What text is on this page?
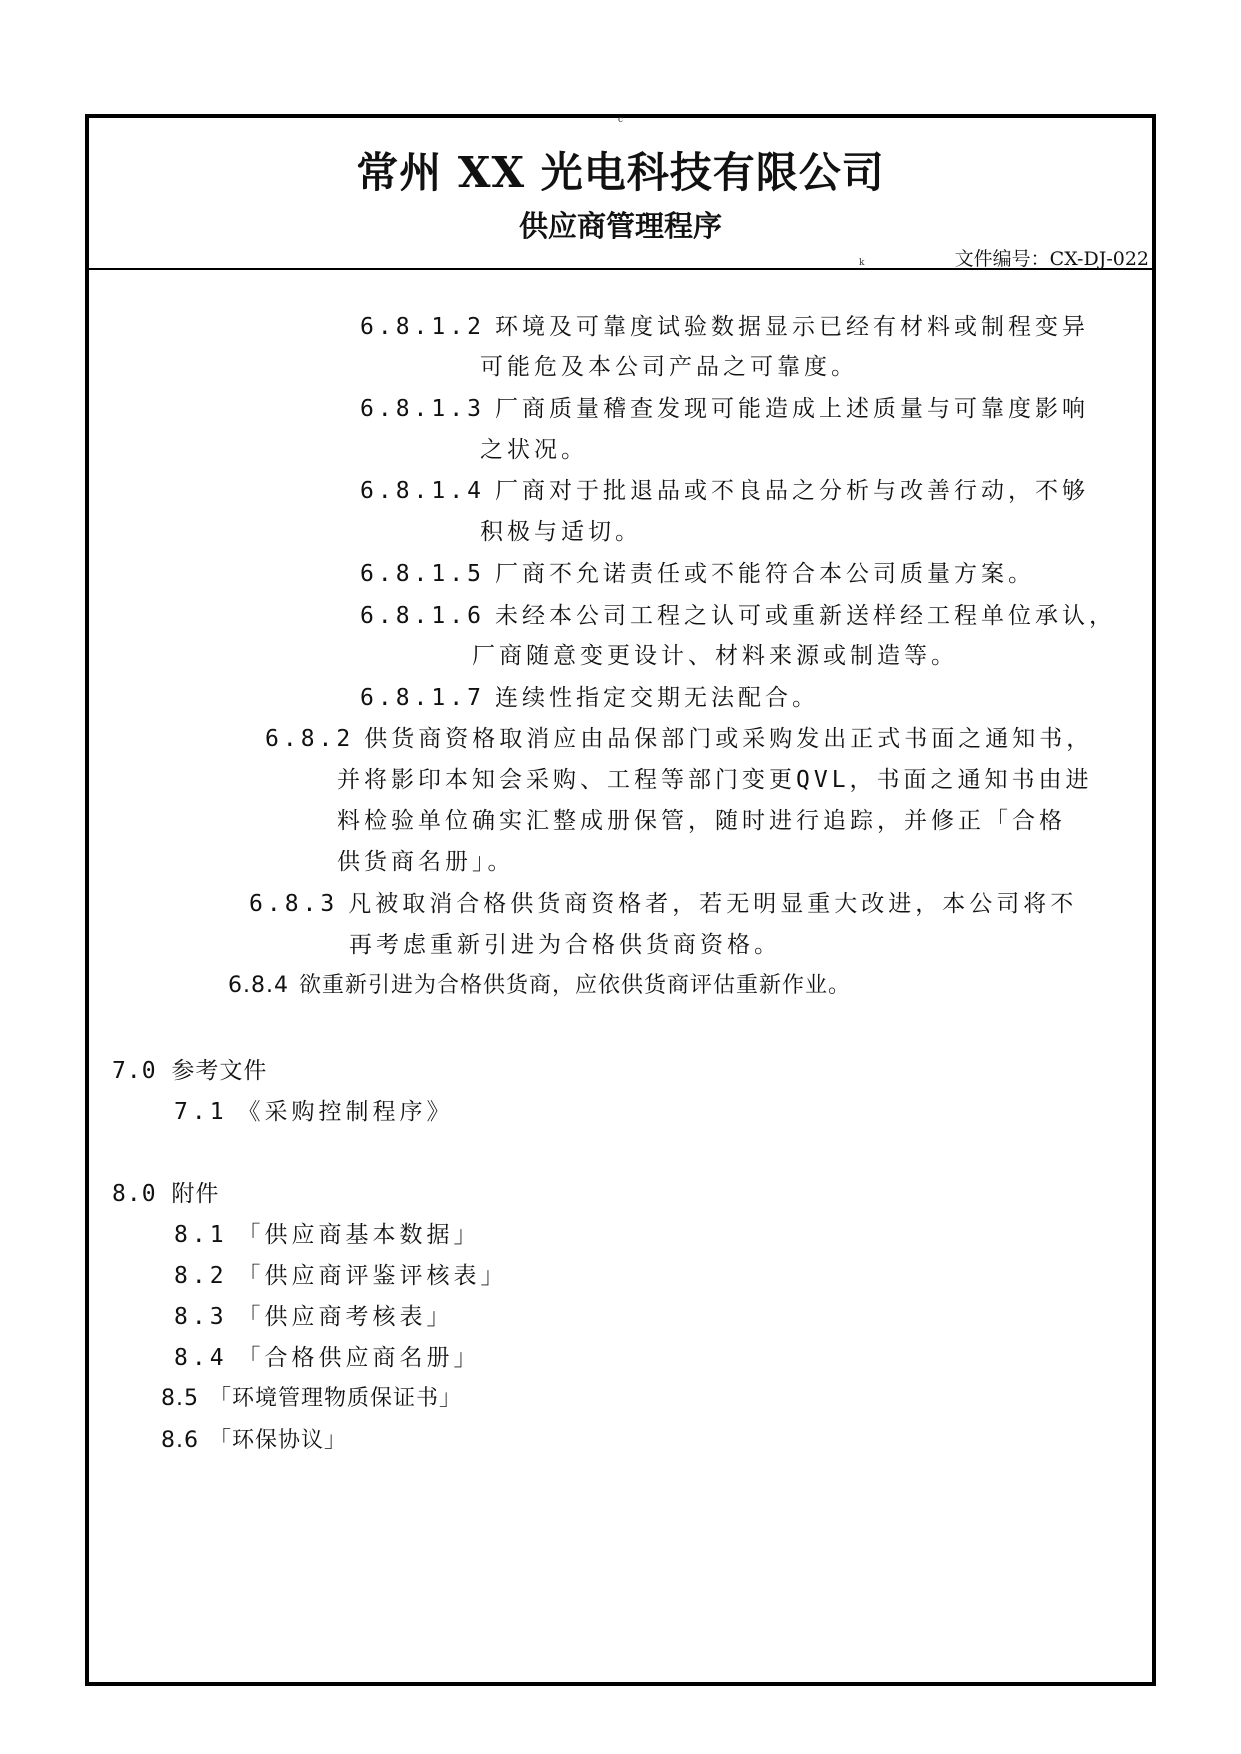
c
常州 XX 光电科技有限公司
供应商管理程序
k	文件编号：CX-DJ-022
6.8.1.2 环境及可靠度试验数据显示已经有材料或制程变异
可能危及本公司产品之可靠度。
6.8.1.3 厂商质量稽查发现可能造成上述质量与可靠度影响
之状况。
6.8.1.4 厂商对于批退品或不良品之分析与改善行动，不够
积极与适切。
6.8.1.5 厂商不允诺责任或不能符合本公司质量方案。
6.8.1.6 未经本公司工程之认可或重新送样经工程单位承认，
厂商随意变更设计、材料来源或制造等。
6.8.1.7 连续性指定交期无法配合。
6.8.2 供货商资格取消应由品保部门或采购发出正式书面之通知书，
并将影印本知会采购、工程等部门变更QVL，书面之通知书由进
料检验单位确实汇整成册保管，随时进行追踪，并修正「合格
供货商名册」。
6.8.3 凡被取消合格供货商资格者，若无明显重大改进，本公司将不
再考虑重新引进为合格供货商资格。
6.8.4 欲重新引进为合格供货商，应依供货商评估重新作业。
7.0 参考文件
7.1 《采购控制程序》
8.0 附件
8.1 「供应商基本数据」
8.2 「供应商评鉴评核表」
8.3 「供应商考核表」
8.4 「合格供应商名册」
8.5 「环境管理物质保证书」
8.6 「环保协议」
